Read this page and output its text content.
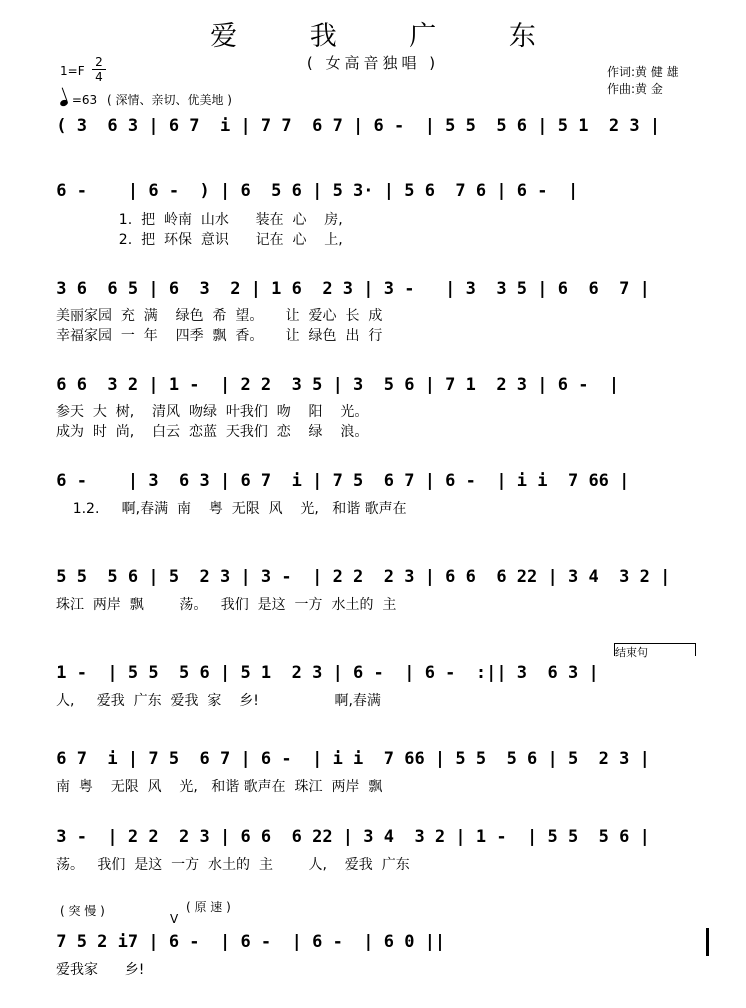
爱 我 广 东
( 女高音独唱 )	作词:黄 健 雄
作曲:黄 金
$1=F \frac{2}{4}$
=63 ( 深情、亲切、优美地 )
( 3  6 3 | 6 7  i | 7 7  6 7 | 6 -  | 5 5  5 6 | 5 1  2 3 |
6 -    | 6 -  ) | 6  5 6 | 5 3· | 5 6  7 6 | 6 -  |
1.  把  岭南  山水      装在  心    房,
2.  把  环保  意识      记在  心    上,
3 6  6 5 | 6  3  2 | 1 6  2 3 | 3 -   | 3  3 5 | 6  6  7 |
美丽家园  充  满    绿色  希  望。     让  爱心  长  成
幸福家园  一  年    四季  飘  香。     让  绿色  出  行
6 6  3 2 | 1 -  | 2 2  3 5 | 3  5 6 | 7 1  2 3 | 6 -  |
参天  大  树,    清风  吻绿  叶我们  吻    阳    光。
成为  时  尚,    白云  恋蓝  天我们  恋    绿    浪。
6 -    | 3  6 3 | 6 7  i | 7 5  6 7 | 6 -  | i i  7 66 |
1.2.     啊,春满  南    粤  无限  风    光,   和谐 歌声在
5 5  5 6 | 5  2 3 | 3 -  | 2 2  2 3 | 6 6  6 22 | 3 4  3 2 |
珠江  两岸  飘        荡。   我们  是这  一方  水土的  主
1 -  | 5 5  5 6 | 5 1  2 3 | 6 -  | 6 -  :|| 3  6 3 |
人,     爱我  广东  爱我  家    乡!                 啊,春满
结束句
6 7  i | 7 5  6 7 | 6 -  | i i  7 66 | 5 5  5 6 | 5  2 3 |
南  粤    无限  风    光,   和谐 歌声在  珠江  两岸  飘
3 -  | 2 2  2 3 | 6 6  6 22 | 3 4  3 2 | 1 -  | 5 5  5 6 |
荡。   我们  是这  一方  水土的  主        人,    爱我  广东
( 突 慢 )	( 原 速 )
V
7 5 2 i7 | 6 -  | 6 -  | 6 -  | 6 0 ||
爱我家      乡!
